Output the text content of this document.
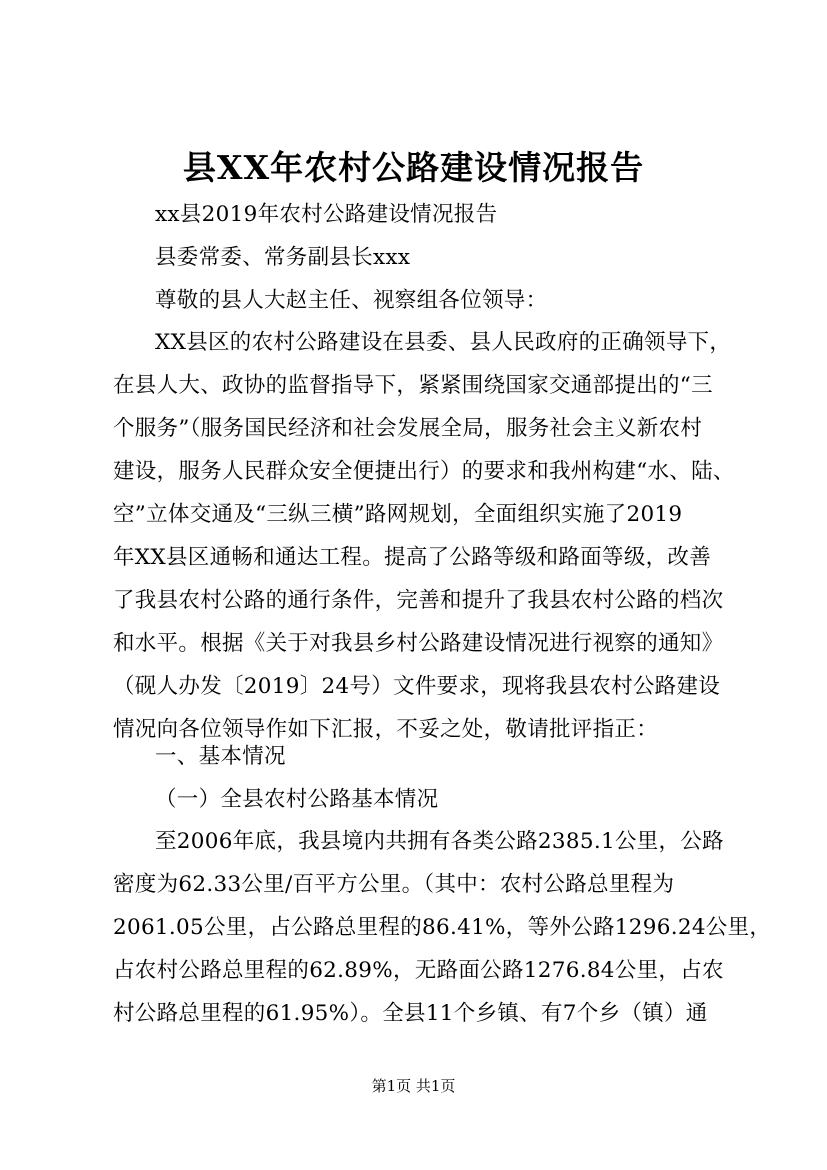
县XX年农村公路建设情况报告
xx县2019年农村公路建设情况报告
县委常委、常务副县长xxx
尊敬的县人大赵主任、视察组各位领导：
XX县区的农村公路建设在县委、县人民政府的正确领导下，
在县人大、政协的监督指导下，紧紧围绕国家交通部提出的“三
个服务”（服务国民经济和社会发展全局，服务社会主义新农村
建设，服务人民群众安全便捷出行）的要求和我州构建“水、陆、
空”立体交通及“三纵三横”路网规划，全面组织实施了2019
年XX县区通畅和通达工程。提高了公路等级和路面等级，改善
了我县农村公路的通行条件，完善和提升了我县农村公路的档次
和水平。根据《关于对我县乡村公路建设情况进行视察的通知》
（砚人办发〔2019〕24号）文件要求，现将我县农村公路建设
情况向各位领导作如下汇报，不妥之处，敬请批评指正：
一、基本情况
（一）全县农村公路基本情况
至2006年底，我县境内共拥有各类公路2385.1公里，公路
密度为62.33公里/百平方公里。（其中：农村公路总里程为
2061.05公里，占公路总里程的86.41%，等外公路1296.24公里，
占农村公路总里程的62.89%，无路面公路1276.84公里，占农
村公路总里程的61.95%）。全县11个乡镇、有7个乡（镇）通
第1页 共1页
